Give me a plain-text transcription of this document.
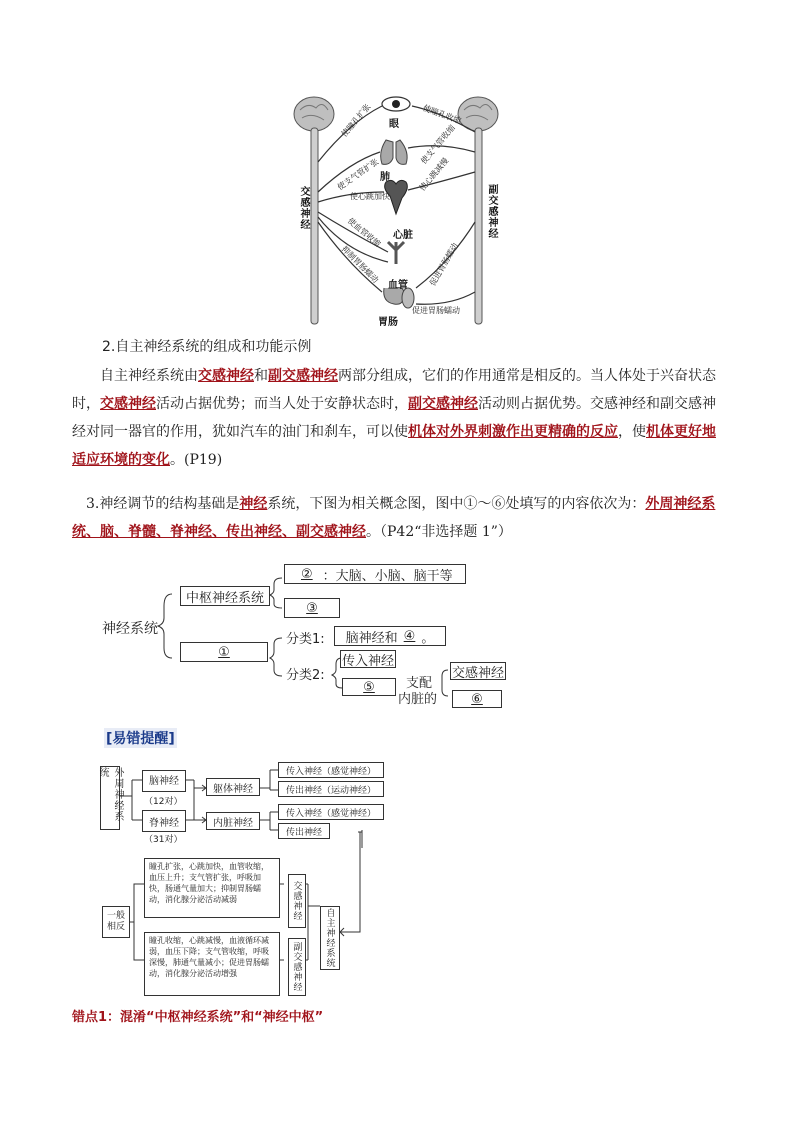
眼
肺
心脏
血管
胃肠
交感神经	副交感神经
使瞳孔扩张
使支气管扩张
使心跳加快
使血管收缩
抑制胃肠蠕动
使瞳孔收缩
使支气管收缩
使心跳减慢
促进胃肠蠕动
促进胃肠蠕动
2.自主神经系统的组成和功能示例
自主神经系统由交感神经和副交感神经两部分组成，它们的作用通常是相反的。当人体处于兴奋状态时，交感神经活动占据优势；而当人处于安静状态时，副交感神经活动则占据优势。交感神经和副交感神经对同一器官的作用，犹如汽车的油门和刹车，可以使机体对外界刺激作出更精确的反应，使机体更好地适应环境的变化。(P19)
3.神经调节的结构基础是神经系统，下图为相关概念图，图中①～⑥处填写的内容依次为：外周神经系统、脑、脊髓、脊神经、传出神经、副交感神经。（P42“非选择题 1”）
神经系统
中枢神经系统
② ：大脑、小脑、脑干等
③
①
分类1: 脑神经和 ④ 。
分类2:
传入神经
⑤ 支配
内脏的
交感神经
⑥
[易错提醒]
外周神经系统
脑神经
（12对）
脊神经
（31对）
躯体神经
内脏神经
传入神经（感觉神经）
传出神经（运动神经）
传入神经（感觉神经）
传出神经
自主神经系统
交感神经
副交感神经
瞳孔扩张，心跳加快，血管收缩，血压上升；支气管扩张，呼吸加快，肠通气量加大；抑制胃肠蠕动，消化腺分泌活动减弱
瞳孔收缩，心跳减慢，血液循环减弱，血压下降；支气管收缩，呼吸深慢，肺通气量减小；促进胃肠蠕动，消化腺分泌活动增强
一般相反
错点1：混淆“中枢神经系统”和“神经中枢”
